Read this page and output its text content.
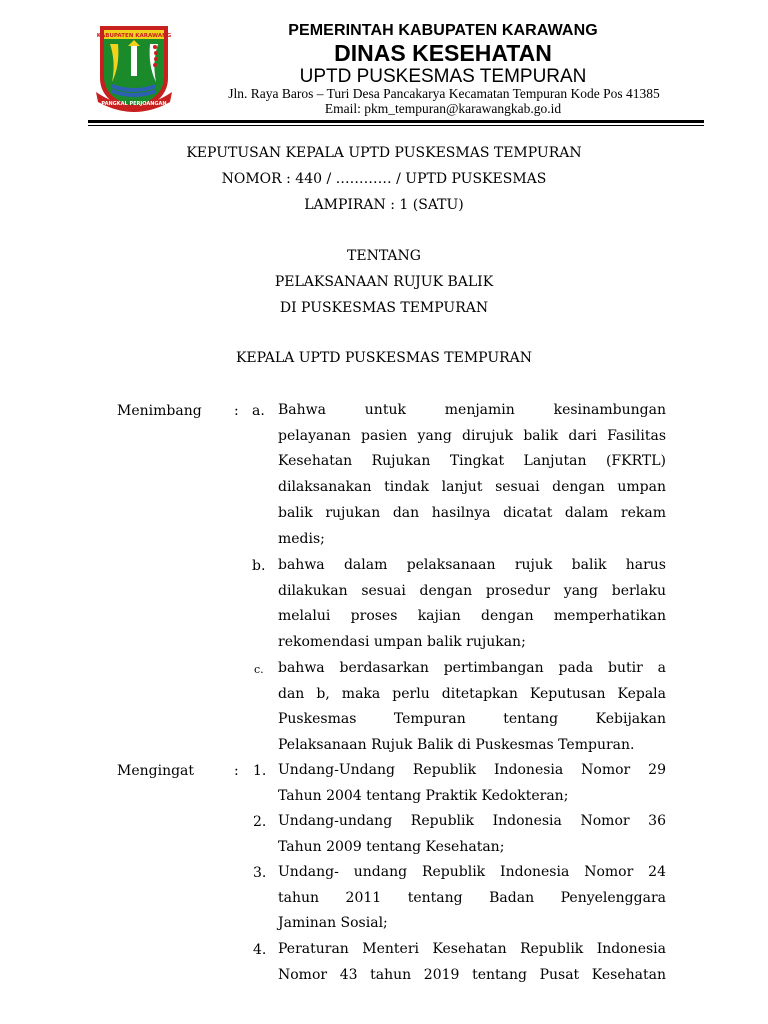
KABUPATEN KARAWANG
PANGKAL PERJOANGAN
PEMERINTAH KABUPATEN KARAWANG
DINAS KESEHATAN
UPTD PUSKESMAS TEMPURAN
Jln. Raya Baros – Turi Desa Pancakarya Kecamatan Tempuran Kode Pos 41385
Email: pkm_tempuran@karawangkab.go.id
KEPUTUSAN KEPALA UPTD PUSKESMAS TEMPURAN
NOMOR : 440 / ………… / UPTD PUSKESMAS
LAMPIRAN : 1 (SATU)
TENTANG
PELAKSANAAN RUJUK BALIK
DI PUSKESMAS TEMPURAN
KEPALA UPTD PUSKESMAS TEMPURAN
Menimbang : a. Bahwa untuk menjamin kesinambungan
pelayanan pasien yang dirujuk balik dari Fasilitas
Kesehatan Rujukan Tingkat Lanjutan (FKRTL)
dilaksanakan tindak lanjut sesuai dengan umpan
balik rujukan dan hasilnya dicatat dalam rekam
medis;
b. bahwa dalam pelaksanaan rujuk balik harus
dilakukan sesuai dengan prosedur yang berlaku
melalui proses kajian dengan memperhatikan
rekomendasi umpan balik rujukan;
c. bahwa berdasarkan pertimbangan pada butir a
dan b, maka perlu ditetapkan Keputusan Kepala
Puskesmas Tempuran tentang Kebijakan
Pelaksanaan Rujuk Balik di Puskesmas Tempuran.
Mengingat	: 1. Undang-Undang Republik Indonesia Nomor 29
Tahun 2004 tentang Praktik Kedokteran;
2. Undang-undang Republik Indonesia Nomor 36
Tahun 2009 tentang Kesehatan;
3. Undang- undang Republik Indonesia Nomor 24
tahun 2011 tentang Badan Penyelenggara
Jaminan Sosial;
4. Peraturan Menteri Kesehatan Republik Indonesia
Nomor 43 tahun 2019 tentang Pusat Kesehatan
